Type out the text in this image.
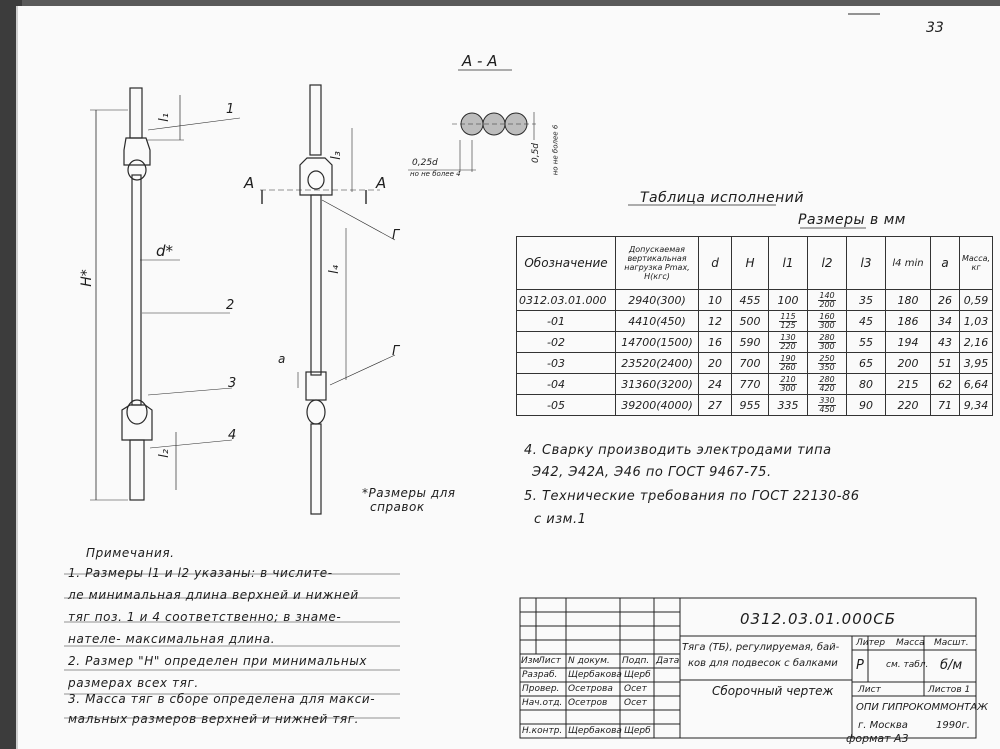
33
формат А3
А - А
А	А
Н*
d*
l₁
l₂
l₃
l₄
а
0,25d
но не более 4
0,5d но не более 6
1
2
3
4
Г
Г
*Размеры для
справок
Таблица исполнений
Размеры в мм
Обозначение	Допускаемая вертикальная нагрузка Pmax, Н(кгс)	d	H	l1	l2	l3	l4 min	a	Масса, кг
0312.03.01.000	2940(300)	10	455	100	$\frac{140}{200}$	35	180	26	0,59
-01	4410(450)	12	500	$\frac{115}{125}$	$\frac{160}{300}$	45	186	34	1,03
-02	14700(1500)	16	590	$\frac{130}{220}$	$\frac{280}{300}$	55	194	43	2,16
-03	23520(2400)	20	700	$\frac{190}{260}$	$\frac{250}{350}$	65	200	51	3,95
-04	31360(3200)	24	770	$\frac{210}{300}$	$\frac{280}{420}$	80	215	62	6,64
-05	39200(4000)	27	955	335	$\frac{330}{450}$	90	220	71	9,34
4. Сварку производить электродами типа
Э42, Э42А, Э46 по ГОСТ 9467-75.
5. Технические требования по ГОСТ 22130-86
с изм.1
Примечания.
1. Размеры l1 и l2 указаны: в числите-
ле минимальная длина верхней и нижней
тяг поз. 1 и 4 соответственно; в знаме-
нателе- максимальная длина.
2. Размер "Н" определен при минимальных
размерах всех тяг.
3. Масса тяг в сборе определена для макси-
мальных размеров верхней и нижней тяг.
0312.03.01.000СБ
Изм
Лист N докум. Подп. Дата
Разраб. Щербакова Щерб
Провер. Осетрова Осет
Нач.отд. Осетров Осет
Н.контр. Щербакова Щерб
Тяга (ТБ), регулируемая, бай-
ков для подвесок с балками
Сборочный чертеж
Литер Масса Масшт.
Р см. табл. б/м
Лист	Листов 1
ОПИ ГИПРОКОММОНТАЖ
г. Москва	1990г.
